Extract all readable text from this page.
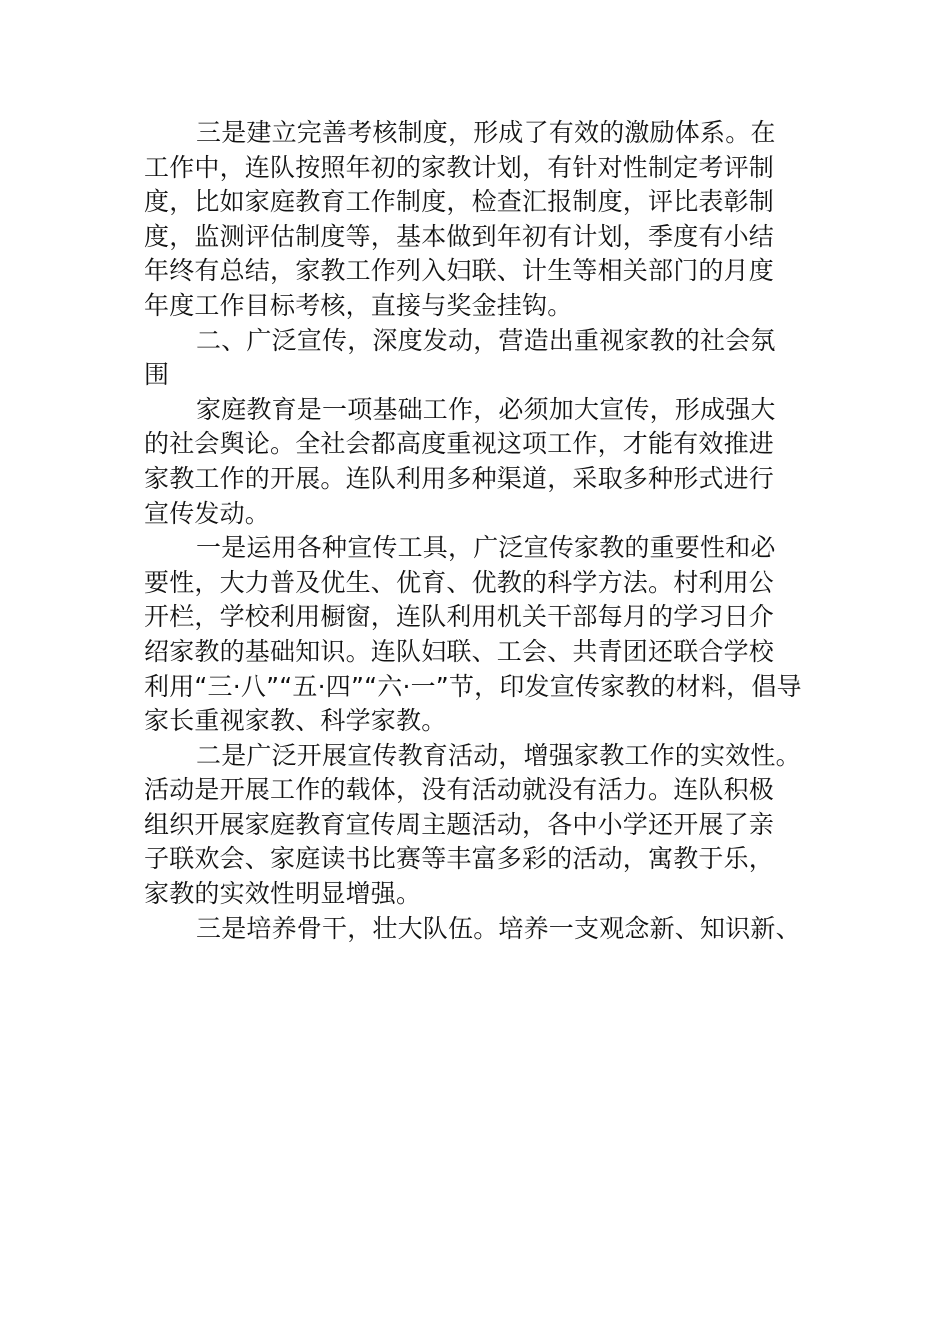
三是建立完善考核制度，形成了有效的激励体系。在
工作中，连队按照年初的家教计划，有针对性制定考评制
度，比如家庭教育工作制度，检查汇报制度，评比表彰制
度，监测评估制度等，基本做到年初有计划，季度有小结
年终有总结，家教工作列入妇联、计生等相关部门的月度
年度工作目标考核，直接与奖金挂钩。
二、广泛宣传，深度发动，营造出重视家教的社会氛
围
家庭教育是一项基础工作，必须加大宣传，形成强大
的社会舆论。全社会都高度重视这项工作，才能有效推进
家教工作的开展。连队利用多种渠道，采取多种形式进行
宣传发动。
一是运用各种宣传工具，广泛宣传家教的重要性和必
要性，大力普及优生、优育、优教的科学方法。村利用公
开栏，学校利用橱窗，连队利用机关干部每月的学习日介
绍家教的基础知识。连队妇联、工会、共青团还联合学校
利用“三·八”“五·四”“六·一”节，印发宣传家教的材料，倡导
家长重视家教、科学家教。
二是广泛开展宣传教育活动，增强家教工作的实效性。
活动是开展工作的载体，没有活动就没有活力。连队积极
组织开展家庭教育宣传周主题活动，各中小学还开展了亲
子联欢会、家庭读书比赛等丰富多彩的活动，寓教于乐，
家教的实效性明显增强。
三是培养骨干，壮大队伍。培养一支观念新、知识新、
